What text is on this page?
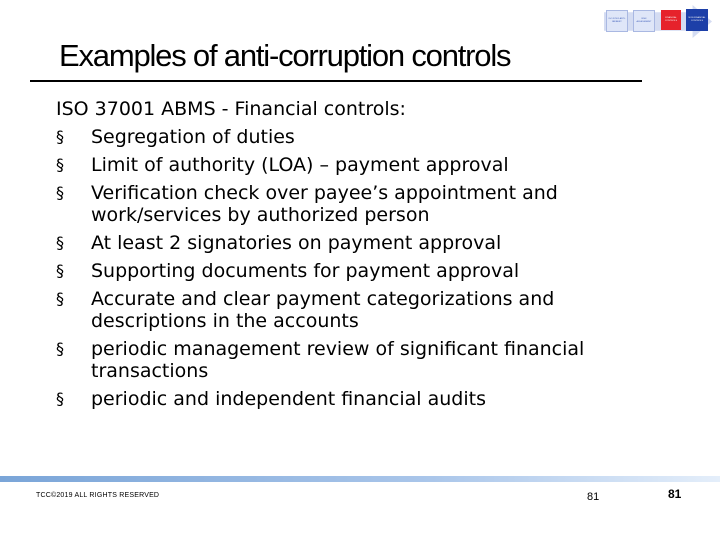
ISO 37001 ANTI-BRIBERY
RISK ASSESSMENT
FINANCIAL CONTROLS
NON-FINANCIAL CONTROLS
Examples of anti-corruption controls
ISO 37001 ABMS - Financial controls:
§ Segregation of duties
§ Limit of authority (LOA) – payment approval
§ Verification check over payee’s appointment and
work/services by authorized person
§ At least 2 signatories on payment approval
§ Supporting documents for payment approval
§ Accurate and clear payment categorizations and
descriptions in the accounts
§ periodic management review of significant financial
transactions
§ periodic and independent financial audits
TCC©2019 ALL RIGHTS RESERVED	81	81
